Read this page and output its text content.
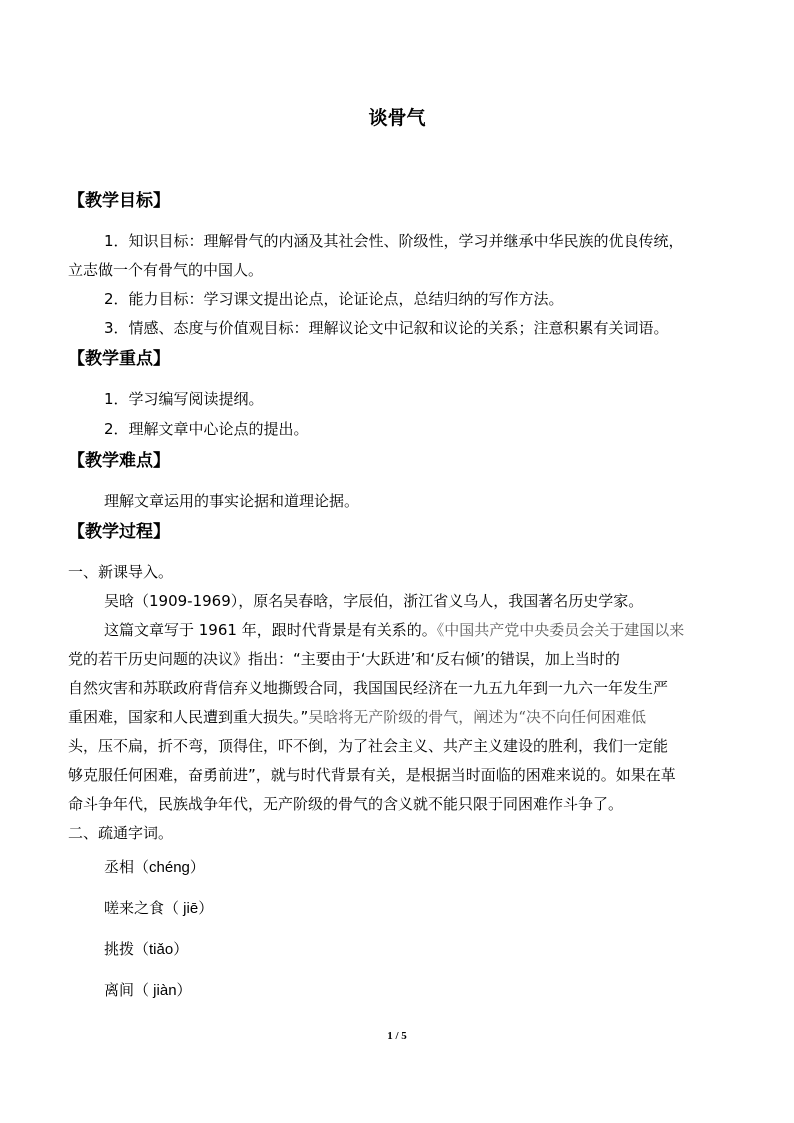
谈骨气
【教学目标】
1．知识目标：理解骨气的内涵及其社会性、阶级性，学习并继承中华民族的优良传统，
立志做一个有骨气的中国人。
2．能力目标：学习课文提出论点，论证论点，总结归纳的写作方法。
3．情感、态度与价值观目标：理解议论文中记叙和议论的关系；注意积累有关词语。
【教学重点】
1．学习编写阅读提纲。
2．理解文章中心论点的提出。
【教学难点】
理解文章运用的事实论据和道理论据。
【教学过程】
一、新课导入。
吴晗（1909-1969），原名吴春晗，字辰伯，浙江省义乌人，我国著名历史学家。
这篇文章写于 1961 年，跟时代背景是有关系的。《中国共产党中央委员会关于建国以来
党的若干历史问题的决议》指出：“主要由于‘大跃进’和‘反右倾’的错误，加上当时的
自然灾害和苏联政府背信弃义地撕毁合同，我国国民经济在一九五九年到一九六一年发生严
重困难，国家和人民遭到重大损失。”吴晗将无产阶级的骨气，阐述为“决不向任何困难低
头，压不扁，折不弯，顶得住，吓不倒，为了社会主义、共产主义建设的胜利，我们一定能
够克服任何困难，奋勇前进”，就与时代背景有关，是根据当时面临的困难来说的。如果在革
命斗争年代，民族战争年代，无产阶级的骨气的含义就不能只限于同困难作斗争了。
二、疏通字词。
丞相（chéng）
嗟来之食（ jiē）
挑拨（tiǎo）
离间（ jiàn）
1 / 5
